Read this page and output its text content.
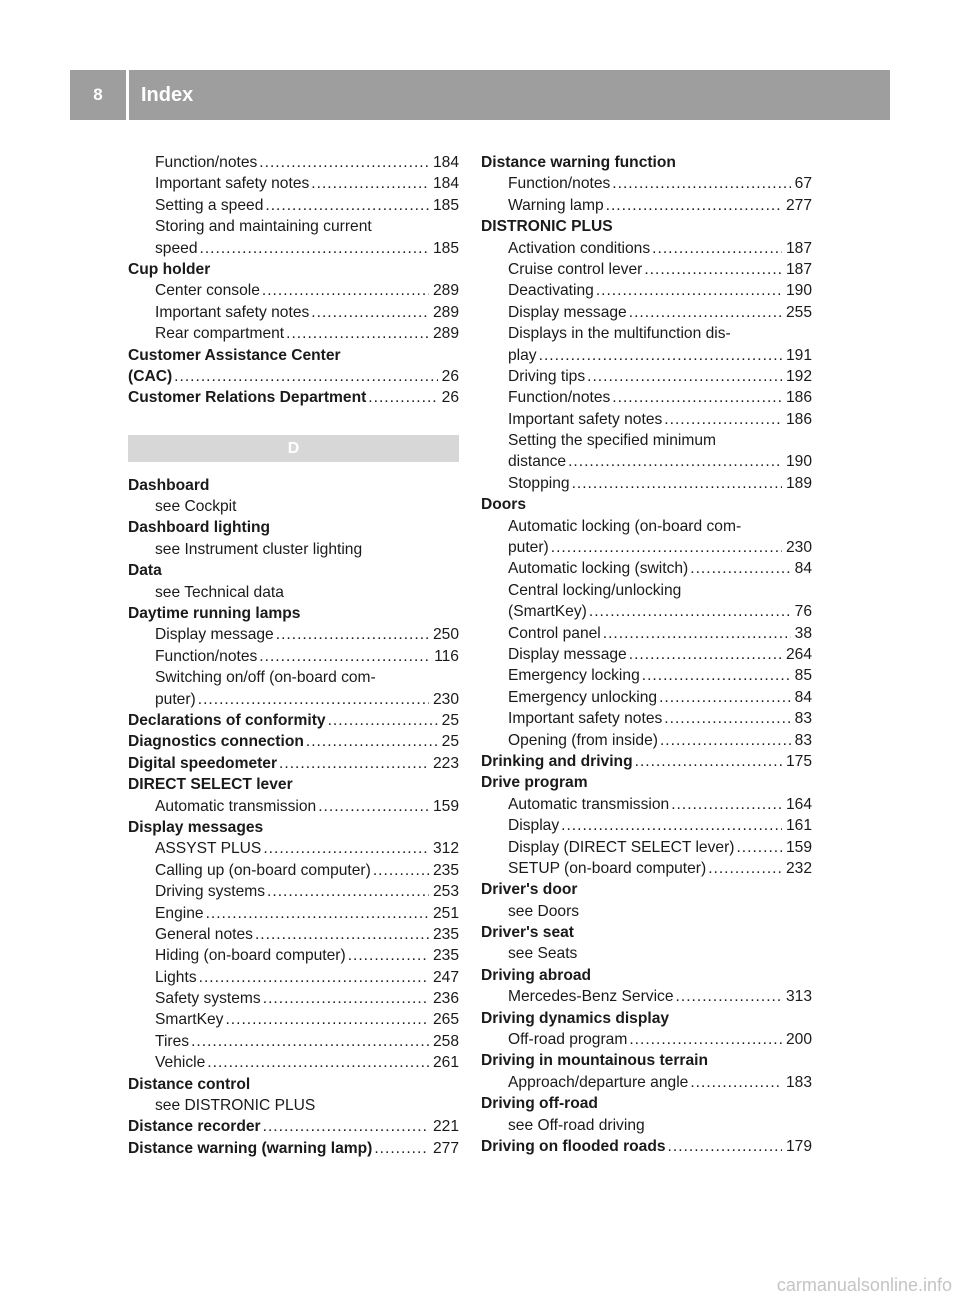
8	Index
Function/notes .....	184
Important safety notes .....	184
Setting a speed .....	185
Storing and maintaining current
speed .....	185
Cup holder
Center console .....	289
Important safety notes .....	289
Rear compartment .....	289
Customer Assistance Center
(CAC) .....	26
Customer Relations Department .....	26
D
Dashboard
see Cockpit
Dashboard lighting
see Instrument cluster lighting
Data
see Technical data
Daytime running lamps
Display message .....	250
Function/notes .....	116
Switching on/off (on-board com-
puter) .....	230
Declarations of conformity .....	25
Diagnostics connection .....	25
Digital speedometer .....	223
DIRECT SELECT lever
Automatic transmission .....	159
Display messages
ASSYST PLUS .....	312
Calling up (on-board computer) .....	235
Driving systems .....	253
Engine .....	251
General notes .....	235
Hiding (on-board computer) .....	235
Lights .....	247
Safety systems .....	236
SmartKey .....	265
Tires .....	258
Vehicle .....	261
Distance control
see DISTRONIC PLUS
Distance recorder .....	221
Distance warning (warning lamp) .....	277
Distance warning function
Function/notes .....	67
Warning lamp .....	277
DISTRONIC PLUS
Activation conditions .....	187
Cruise control lever .....	187
Deactivating .....	190
Display message .....	255
Displays in the multifunction dis-
play .....	191
Driving tips .....	192
Function/notes .....	186
Important safety notes .....	186
Setting the specified minimum
distance .....	190
Stopping .....	189
Doors
Automatic locking (on-board com-
puter) .....	230
Automatic locking (switch) .....	84
Central locking/unlocking
(SmartKey) .....	76
Control panel .....	38
Display message .....	264
Emergency locking .....	85
Emergency unlocking .....	84
Important safety notes .....	83
Opening (from inside) .....	83
Drinking and driving .....	175
Drive program
Automatic transmission .....	164
Display .....	161
Display (DIRECT SELECT lever) .....	159
SETUP (on-board computer) .....	232
Driver's door
see Doors
Driver's seat
see Seats
Driving abroad
Mercedes-Benz Service .....	313
Driving dynamics display
Off-road program .....	200
Driving in mountainous terrain
Approach/departure angle .....	183
Driving off-road
see Off-road driving
Driving on flooded roads .....	179
carmanualsonline.info
